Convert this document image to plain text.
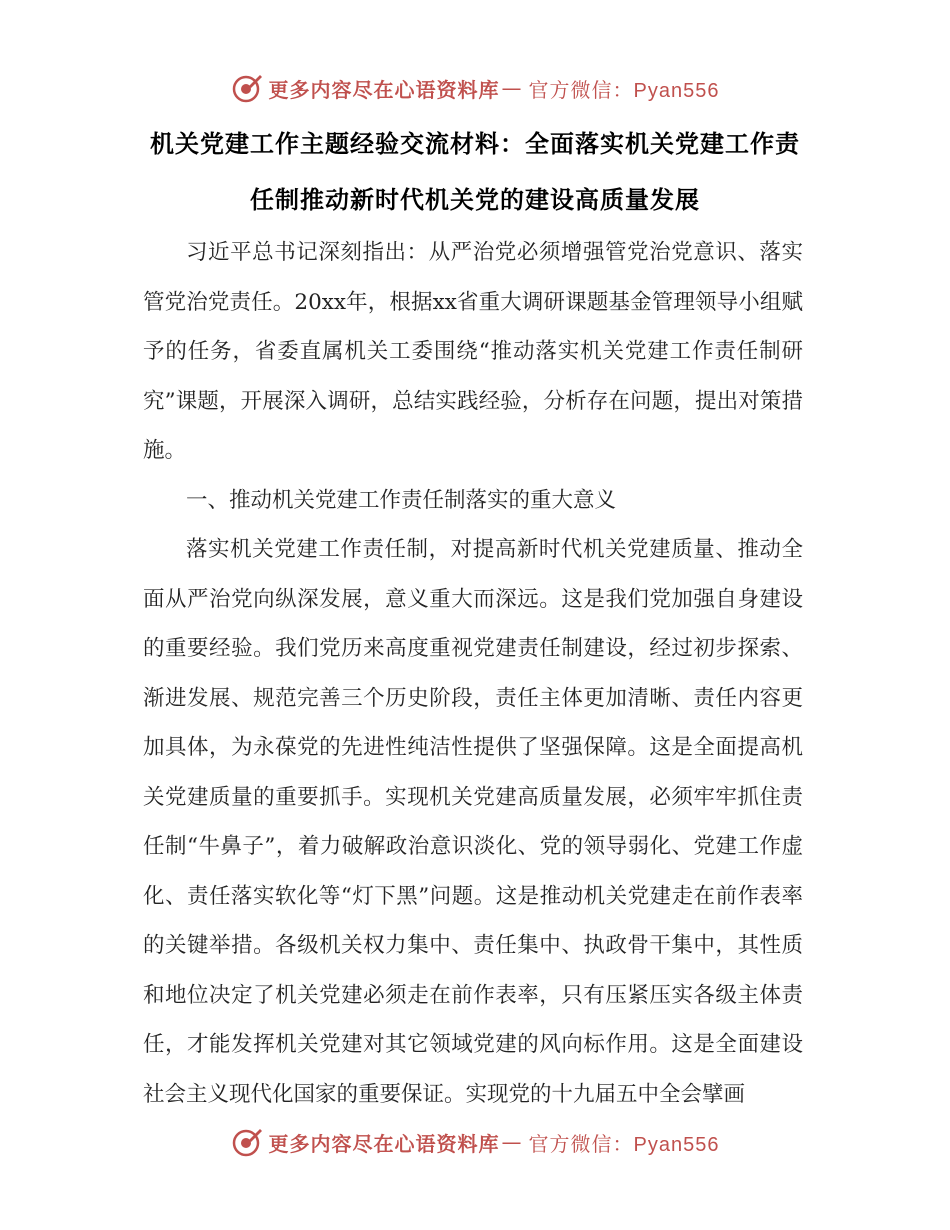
更多内容尽在心语资料库 — 官方微信：Pyan556
机关党建工作主题经验交流材料：全面落实机关党建工作责
任制推动新时代机关党的建设高质量发展

习近平总书记深刻指出：从严治党必须增强管党治党意识、落实管党治党责任。20xx年，根据xx省重大调研课题基金管理领导小组赋予的任务，省委直属机关工委围绕“推动落实机关党建工作责任制研究”课题，开展深入调研，总结实践经验，分析存在问题，提出对策措施。

一、推动机关党建工作责任制落实的重大意义

落实机关党建工作责任制，对提高新时代机关党建质量、推动全面从严治党向纵深发展，意义重大而深远。这是我们党加强自身建设的重要经验。我们党历来高度重视党建责任制建设，经过初步探索、渐进发展、规范完善三个历史阶段，责任主体更加清晰、责任内容更加具体，为永葆党的先进性纯洁性提供了坚强保障。这是全面提高机关党建质量的重要抓手。实现机关党建高质量发展，必须牢牢抓住责任制“牛鼻子”，着力破解政治意识淡化、党的领导弱化、党建工作虚化、责任落实软化等“灯下黑”问题。这是推动机关党建走在前作表率的关键举措。各级机关权力集中、责任集中、执政骨干集中，其性质和地位决定了机关党建必须走在前作表率，只有压紧压实各级主体责任，才能发挥机关党建对其它领域党建的风向标作用。这是全面建设社会主义现代化国家的重要保证。实现党的十九届五中全会擘画

更多内容尽在心语资料库 — 官方微信：Pyan556
